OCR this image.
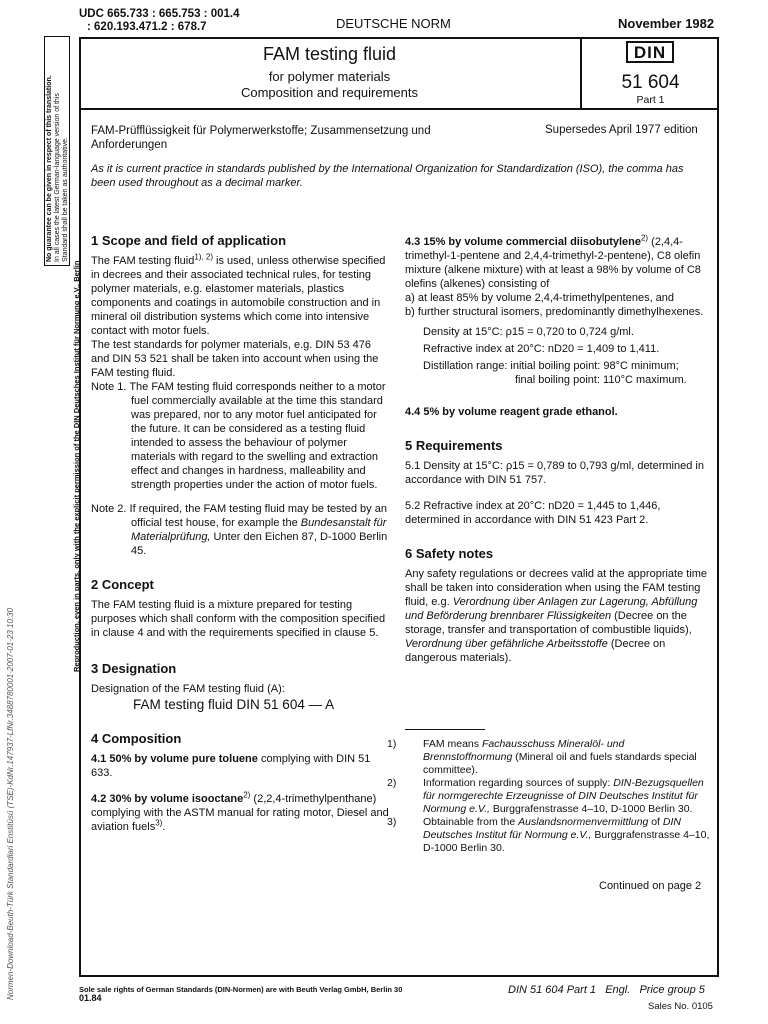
UDC 665.733 : 665.753 : 001.4
: 620.193.471.2 : 678.7	DEUTSCHE NORM	November 1982
FAM testing fluid
for polymer materials
Composition and requirements
DIN
51 604
Part 1
FAM-Prüfflüssigkeit für Polymerwerkstoffe; Zusammensetzung und Anforderungen
Supersedes April 1977 edition
As it is current practice in standards published by the International Organization for Standardization (ISO), the comma has been used throughout as a decimal marker.
No guarantee can be given in respect of this translation. In all cases the latest German-language version of this Standard shall be taken as authoritative.
Reproduction, even in parts, only with the explicit permission of the DIN Deutsches Institut für Normung e.V., Berlin
Normen-Download-Beuth-Türk Standardlari Enstitüsü (TSE)-KdNr.147937-LfNr.3488780001-2007-01-23 10:30

1 Scope and field of application

The FAM testing fluid$^{1), 2)}$ is used, unless otherwise specified in decrees and their associated technical rules, for testing polymer materials, e.g. elastomer materials, plastics components and coatings in automobile construction and in mineral oil distribution systems which come into intensive contact with motor fuels.

The test standards for polymer materials, e.g. DIN 53 476 and DIN 53 521 shall be taken into account when using the FAM testing fluid.

Note 1. The FAM testing fluid corresponds neither to a motor fuel commercially available at the time this standard was prepared, nor to any motor fuel anticipated for the future. It can be considered as a testing fluid intended to assess the behaviour of polymer materials with regard to the swelling and extraction effect and changes in hardness, malleability and strength properties under the action of motor fuels.

Note 2. If required, the FAM testing fluid may be tested by an official test house, for example the Bundesanstalt für Materialprüfung, Unter den Eichen 87, D-1000 Berlin 45.

2 Concept

The FAM testing fluid is a mixture prepared for testing purposes which shall conform with the composition specified in clause 4 and with the requirements specified in clause 5.

3 Designation

Designation of the FAM testing fluid (A):

FAM testing fluid DIN 51 604 — A

4 Composition

4.1 50% by volume pure toluene complying with DIN 51 633.

4.2 30% by volume isooctane$^{2)}$ (2,2,4-trimethylpenthane) complying with the ASTM manual for rating motor, Diesel and aviation fuels$^{3)}$.

4.3 15% by volume commercial diisobutylene$^{2)}$ (2,4,4-trimethyl-1-pentene and 2,4,4-trimethyl-2-pentene), C8 olefin mixture (alkene mixture) with at least a 98% by volume of C8 olefins (alkenes) consisting of

a) at least 85% by volume 2,4,4-trimethylpentenes, and

b) further structural isomers, predominantly dimethylhexenes.

Density at 15°C: ρ15 = 0,720 to 0,724 g/ml.

Refractive index at 20°C: nD20 = 1,409 to 1,411.

Distillation range: initial boiling point: 98°C minimum;

final boiling point: 110°C maximum.

4.4 5% by volume reagent grade ethanol.

5 Requirements

5.1 Density at 15°C: ρ15 = 0,789 to 0,793 g/ml, determined in accordance with DIN 51 757.

5.2 Refractive index at 20°C: nD20 = 1,445 to 1,446, determined in accordance with DIN 51 423 Part 2.

6 Safety notes

Any safety regulations or decrees valid at the appropriate time shall be taken into consideration when using the FAM testing fluid, e.g. Verordnung über Anlagen zur Lagerung, Abfüllung und Beförderung brennbarer Flüssigkeiten (Decree on the storage, transfer and transportation of combustible liquids), Verordnung über gefährliche Arbeitsstoffe (Decree on dangerous materials).

1)	FAM means Fachausschuss Mineralöl- und Brennstoffnormung (Mineral oil and fuels standards special committee).

2)	Information regarding sources of supply: DIN-Bezugsquellen für normgerechte Erzeugnisse of DIN Deutsches Institut für Normung e.V., Burggrafenstrasse 4–10, D-1000 Berlin 30.

3)	Obtainable from the Auslandsnormenvermittlung of DIN Deutsches Institut für Normung e.V., Burggrafenstrasse 4–10, D-1000 Berlin 30.

Continued on page 2
Sole sale rights of German Standards (DIN-Normen) are with Beuth Verlag GmbH, Berlin 30
01.84
DIN 51 604 Part 1   Engl.   Price group 5
Sales No. 0105
